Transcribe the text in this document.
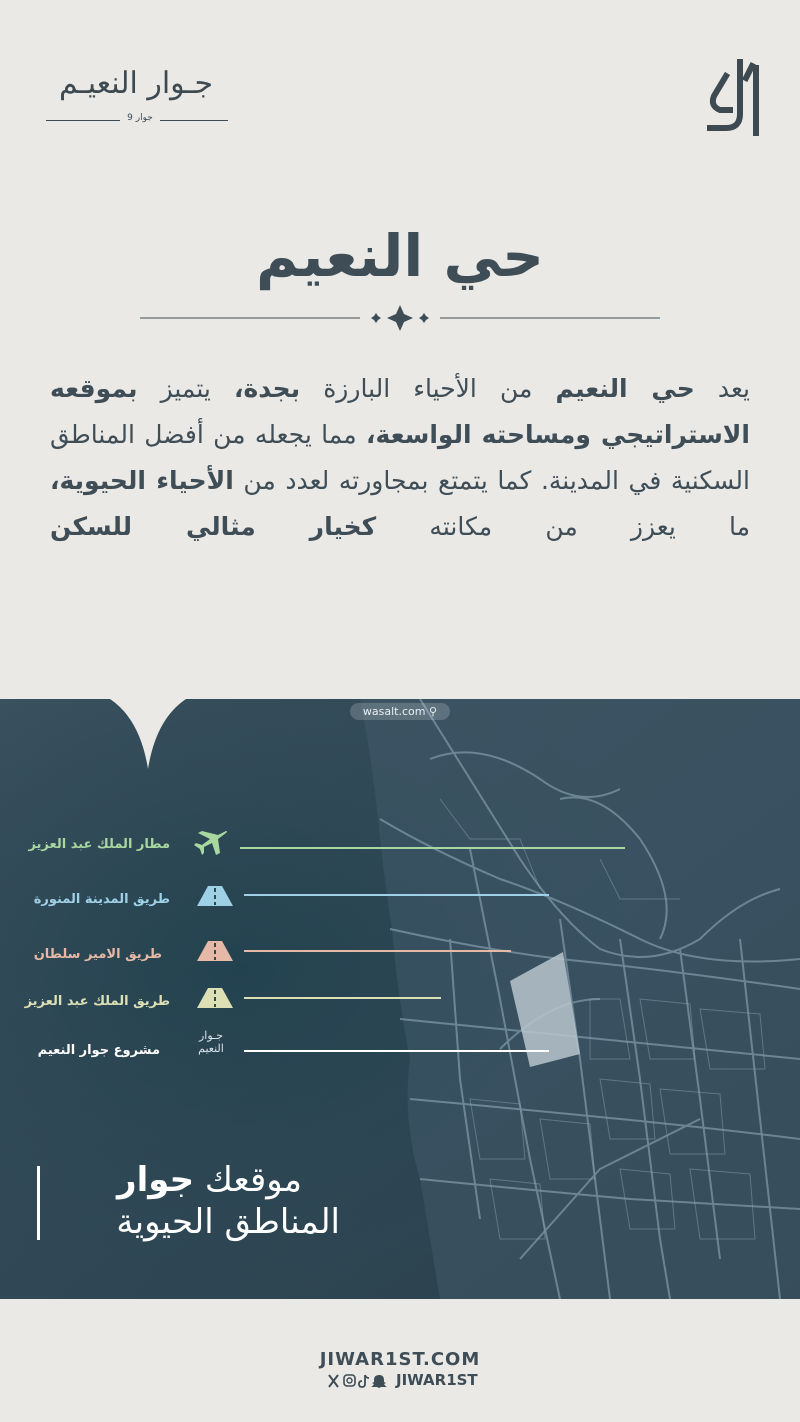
جـوار النعيـم
جوار 9
حي النعيم
يعد حي النعيم من الأحياء البارزة بجدة، يتميز بموقعه الاستراتيجي ومساحته الواسعة، مما يجعله من أفضل المناطق السكنية في المدينة. كما يتمتع بمجاورته لعدد من الأحياء الحيوية، ما يعزز من مكانته كخيار مثالي للسكن
wasalt.com ⚲
مطار الملك عبد العزيز
طريق المدينة المنورة
طريق الامير سلطان
طريق الملك عبد العزيز
مشروع جوار النعيم
جـوار
النعيم
موقعك جوار
المناطق الحيوية
JIWAR1ST.COM
JIWAR1ST
